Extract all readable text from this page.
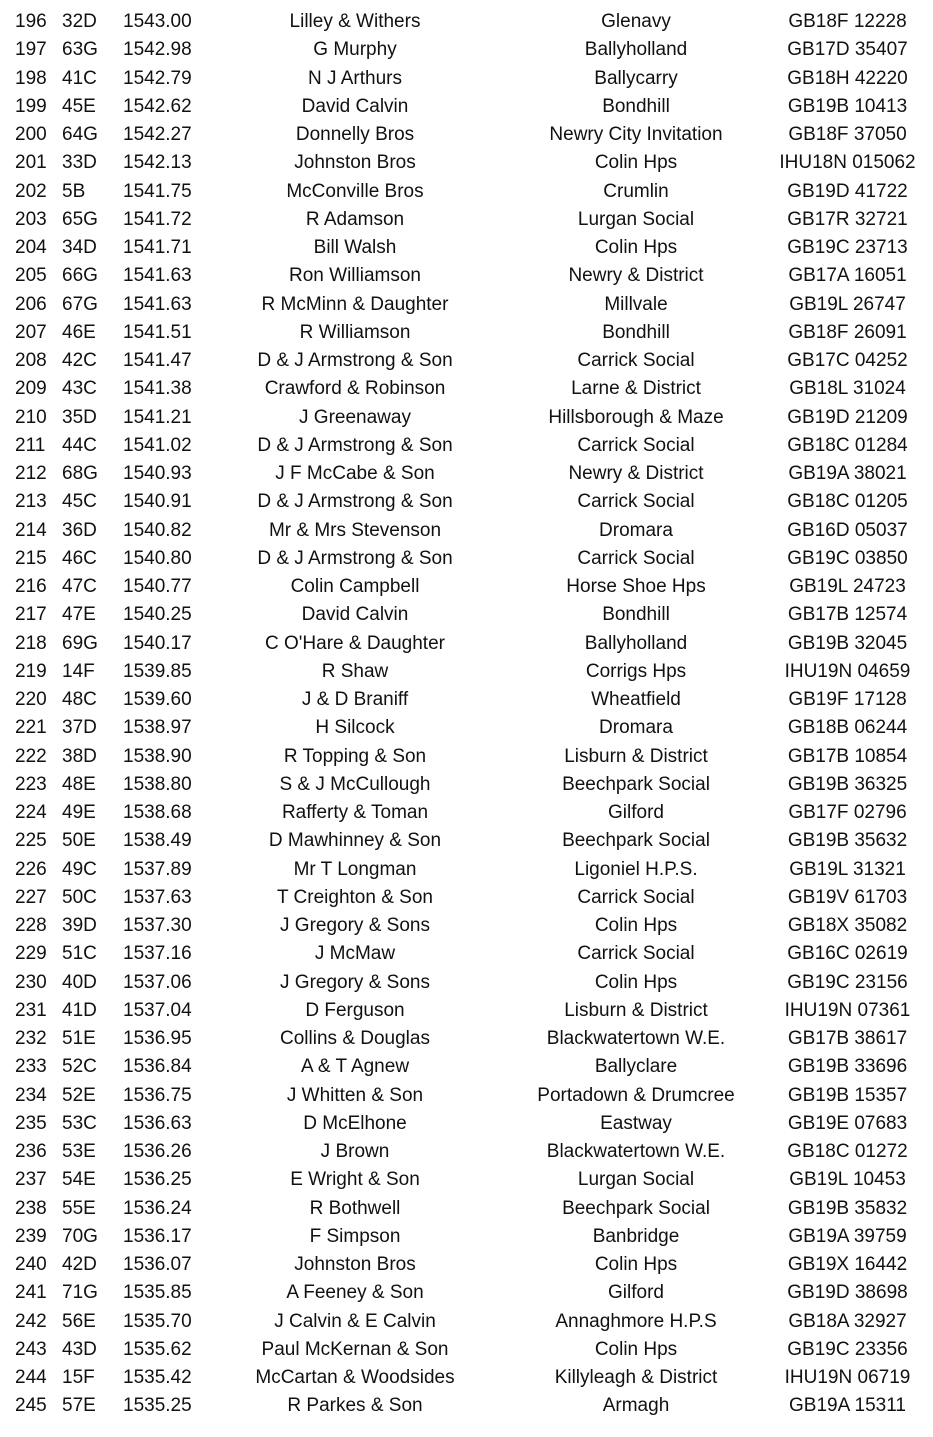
196 32D	1543.00	Lilley & Withers	Glenavy	GB18F 12228
197 63G	1542.98	G Murphy	Ballyholland	GB17D 35407
198 41C	1542.79	N J Arthurs	Ballycarry	GB18H 42220
199 45E	1542.62	David Calvin	Bondhill	GB19B 10413
200 64G	1542.27	Donnelly Bros	Newry City Invitation	GB18F 37050
201 33D	1542.13	Johnston Bros	Colin Hps	IHU18N 015062
202 5B	1541.75	McConville Bros	Crumlin	GB19D 41722
203 65G	1541.72	R Adamson	Lurgan Social	GB17R 32721
204 34D	1541.71	Bill Walsh	Colin Hps	GB19C 23713
205 66G	1541.63	Ron Williamson	Newry & District	GB17A 16051
206 67G	1541.63	R McMinn & Daughter	Millvale	GB19L 26747
207 46E	1541.51	R Williamson	Bondhill	GB18F 26091
208 42C	1541.47	D & J Armstrong & Son	Carrick Social	GB17C 04252
209 43C	1541.38	Crawford & Robinson	Larne & District	GB18L 31024
210 35D	1541.21	J Greenaway	Hillsborough & Maze	GB19D 21209
211 44C	1541.02	D & J Armstrong & Son	Carrick Social	GB18C 01284
212 68G	1540.93	J F McCabe & Son	Newry & District	GB19A 38021
213 45C	1540.91	D & J Armstrong & Son	Carrick Social	GB18C 01205
214 36D	1540.82	Mr & Mrs Stevenson	Dromara	GB16D 05037
215 46C	1540.80	D & J Armstrong & Son	Carrick Social	GB19C 03850
216 47C	1540.77	Colin Campbell	Horse Shoe Hps	GB19L 24723
217 47E	1540.25	David Calvin	Bondhill	GB17B 12574
218 69G	1540.17	C O'Hare & Daughter	Ballyholland	GB19B 32045
219 14F	1539.85	R Shaw	Corrigs Hps	IHU19N 04659
220 48C	1539.60	J & D Braniff	Wheatfield	GB19F 17128
221 37D	1538.97	H Silcock	Dromara	GB18B 06244
222 38D	1538.90	R Topping & Son	Lisburn & District	GB17B 10854
223 48E	1538.80	S & J McCullough	Beechpark Social	GB19B 36325
224 49E	1538.68	Rafferty & Toman	Gilford	GB17F 02796
225 50E	1538.49	D Mawhinney & Son	Beechpark Social	GB19B 35632
226 49C	1537.89	Mr T Longman	Ligoniel H.P.S.	GB19L 31321
227 50C	1537.63	T Creighton & Son	Carrick Social	GB19V 61703
228 39D	1537.30	J Gregory & Sons	Colin Hps	GB18X 35082
229 51C	1537.16	J McMaw	Carrick Social	GB16C 02619
230 40D	1537.06	J Gregory & Sons	Colin Hps	GB19C 23156
231 41D	1537.04	D Ferguson	Lisburn & District	IHU19N 07361
232 51E	1536.95	Collins & Douglas	Blackwatertown W.E.	GB17B 38617
233 52C	1536.84	A & T Agnew	Ballyclare	GB19B 33696
234 52E	1536.75	J Whitten & Son	Portadown & Drumcree	GB19B 15357
235 53C	1536.63	D McElhone	Eastway	GB19E 07683
236 53E	1536.26	J Brown	Blackwatertown W.E.	GB18C 01272
237 54E	1536.25	E Wright & Son	Lurgan Social	GB19L 10453
238 55E	1536.24	R Bothwell	Beechpark Social	GB19B 35832
239 70G	1536.17	F Simpson	Banbridge	GB19A 39759
240 42D	1536.07	Johnston Bros	Colin Hps	GB19X 16442
241 71G	1535.85	A Feeney & Son	Gilford	GB19D 38698
242 56E	1535.70	J Calvin & E Calvin	Annaghmore H.P.S	GB18A 32927
243 43D	1535.62	Paul McKernan & Son	Colin Hps	GB19C 23356
244 15F	1535.42	McCartan & Woodsides	Killyleagh & District	IHU19N 06719
245 57E	1535.25	R Parkes & Son	Armagh	GB19A 15311
